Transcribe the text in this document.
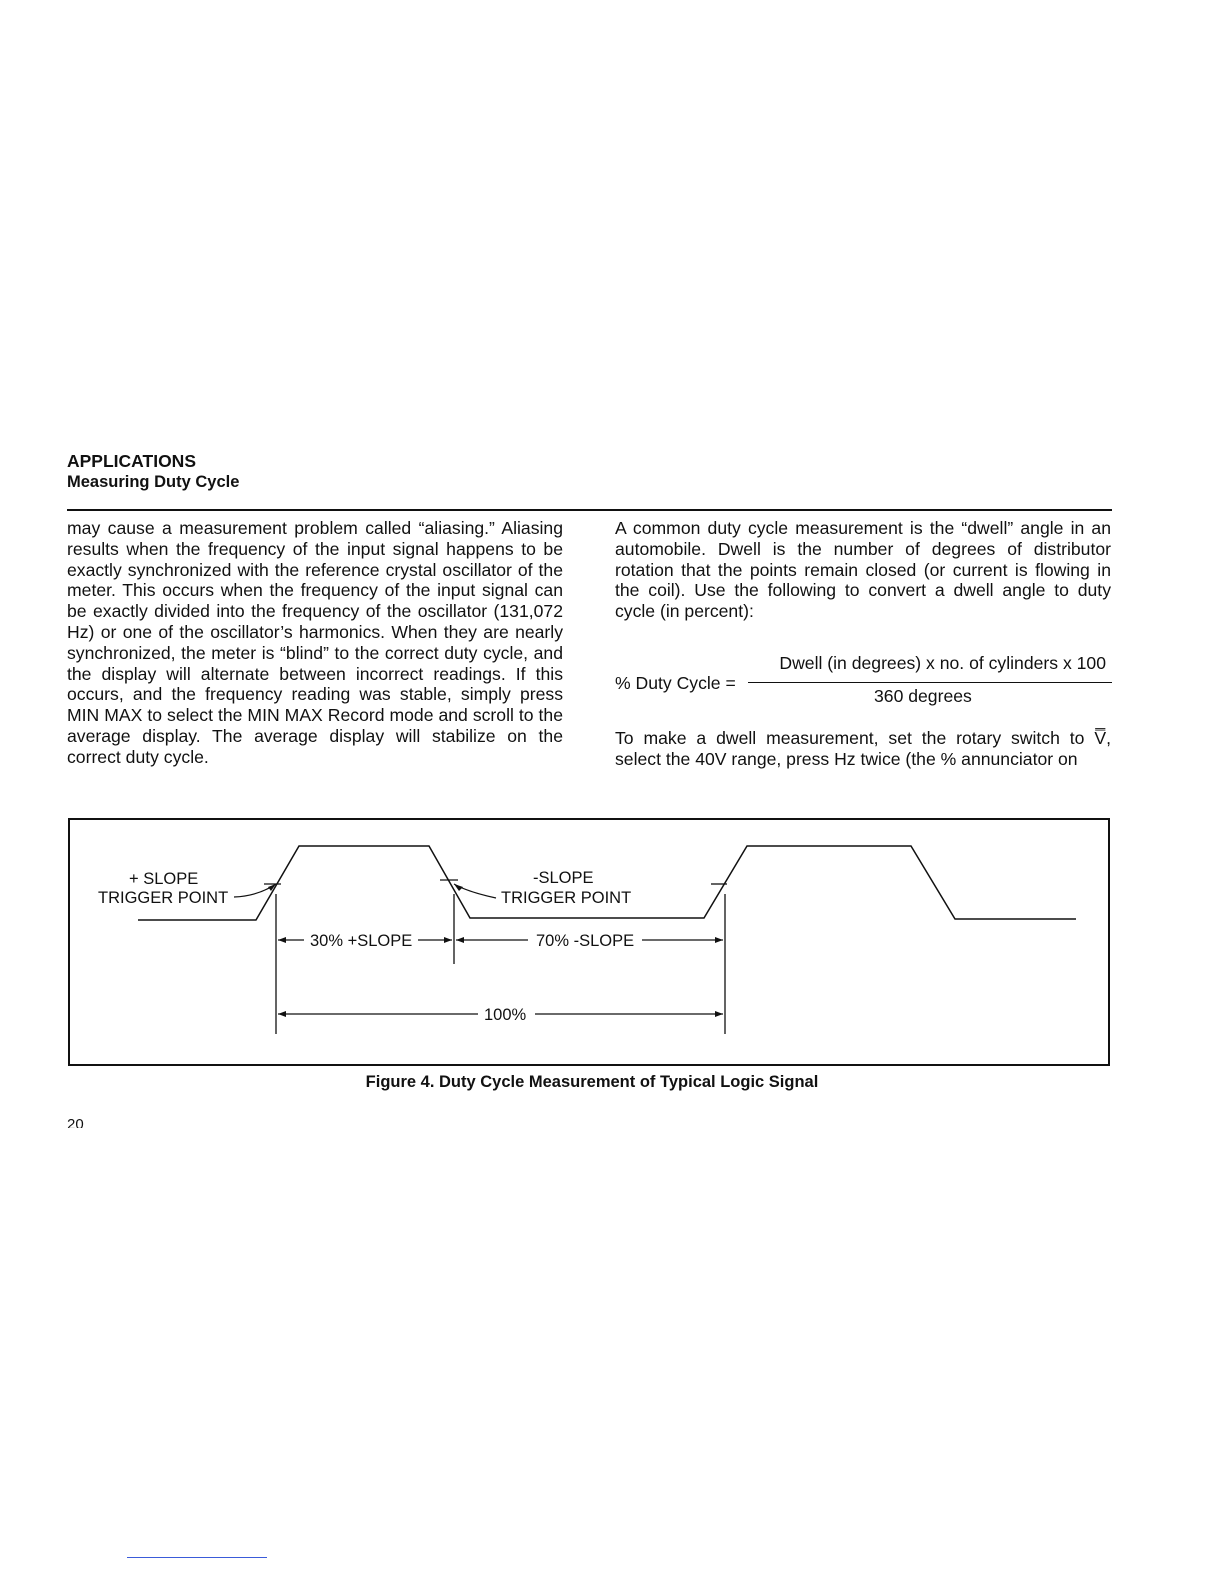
APPLICATIONS
Measuring Duty Cycle

may cause a measurement problem called “aliasing.” Aliasing results when the frequency of the input signal happens to be exactly synchronized with the reference crystal oscillator of the meter. This occurs when the frequency of the input signal can be exactly divided into the frequency of the oscillator (131,072 Hz) or one of the oscillator’s harmonics. When they are nearly synchronized, the meter is “blind” to the correct duty cycle, and the display will alternate between incorrect readings. If this occurs, and the frequency reading was stable, simply press MIN MAX to select the MIN MAX Record mode and scroll to the average display. The average display will stabilize on the correct duty cycle.

A common duty cycle measurement is the “dwell” angle in an automobile. Dwell is the number of degrees of distributor rotation that the points remain closed (or current is flowing in the coil). Use the following to convert a dwell angle to duty cycle (in percent):

To make a dwell measurement, set the rotary switch to V̿, select the 40V range, press Hz twice (the % annunciator on

% Duty Cycle =
Dwell (in degrees) x no. of cylinders x 100
360 degrees
+ SLOPE
TRIGGER POINT
-SLOPE
TRIGGER POINT
30% +SLOPE	70% -SLOPE
100%
Figure 4. Duty Cycle Measurement of Typical Logic Signal
20
